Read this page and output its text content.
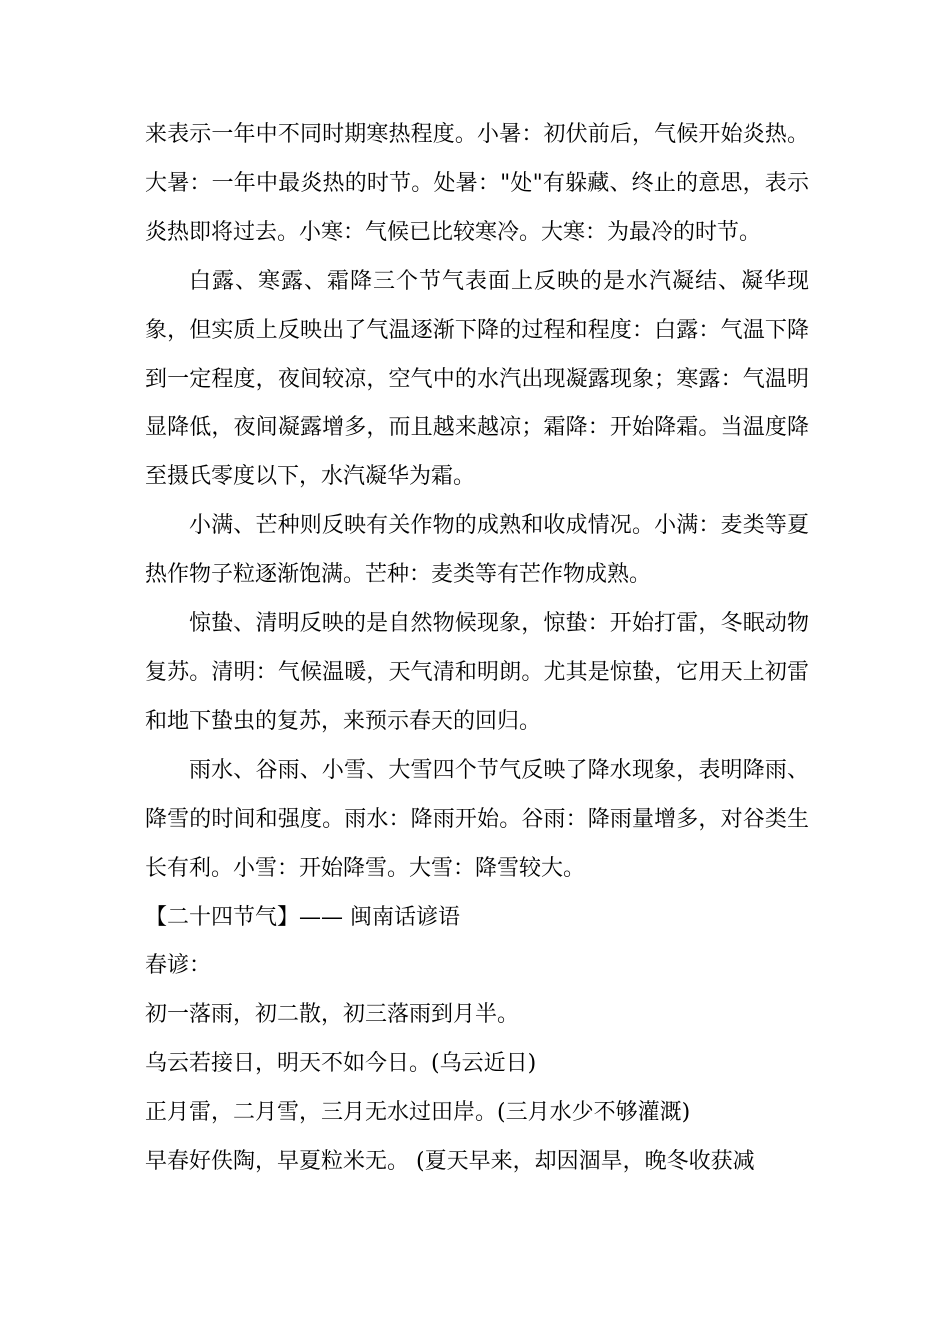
来表示一年中不同时期寒热程度。小暑：初伏前后，气候开始炎热。大暑：一年中最炎热的时节。处暑："处"有躲藏、终止的意思，表示炎热即将过去。小寒：气候已比较寒冷。大寒：为最冷的时节。

白露、寒露、霜降三个节气表面上反映的是水汽凝结、凝华现象，但实质上反映出了气温逐渐下降的过程和程度：白露：气温下降到一定程度，夜间较凉，空气中的水汽出现凝露现象；寒露：气温明显降低，夜间凝露增多，而且越来越凉；霜降：开始降霜。当温度降至摄氏零度以下，水汽凝华为霜。

小满、芒种则反映有关作物的成熟和收成情况。小满：麦类等夏热作物子粒逐渐饱满。芒种：麦类等有芒作物成熟。

惊蛰、清明反映的是自然物候现象，惊蛰：开始打雷，冬眠动物复苏。清明：气候温暖，天气清和明朗。尤其是惊蛰，它用天上初雷和地下蛰虫的复苏，来预示春天的回归。

雨水、谷雨、小雪、大雪四个节气反映了降水现象，表明降雨、降雪的时间和强度。雨水：降雨开始。谷雨：降雨量增多，对谷类生长有利。小雪：开始降雪。大雪：降雪较大。

【二十四节气】—— 闽南话谚语

春谚：

初一落雨，初二散，初三落雨到月半。

乌云若接日，明天不如今日。(乌云近日)

正月雷，二月雪，三月无水过田岸。(三月水少不够灌溉)

早春好佚陶，早夏粒米无。 (夏天早来，却因涸旱，晚冬收获减
